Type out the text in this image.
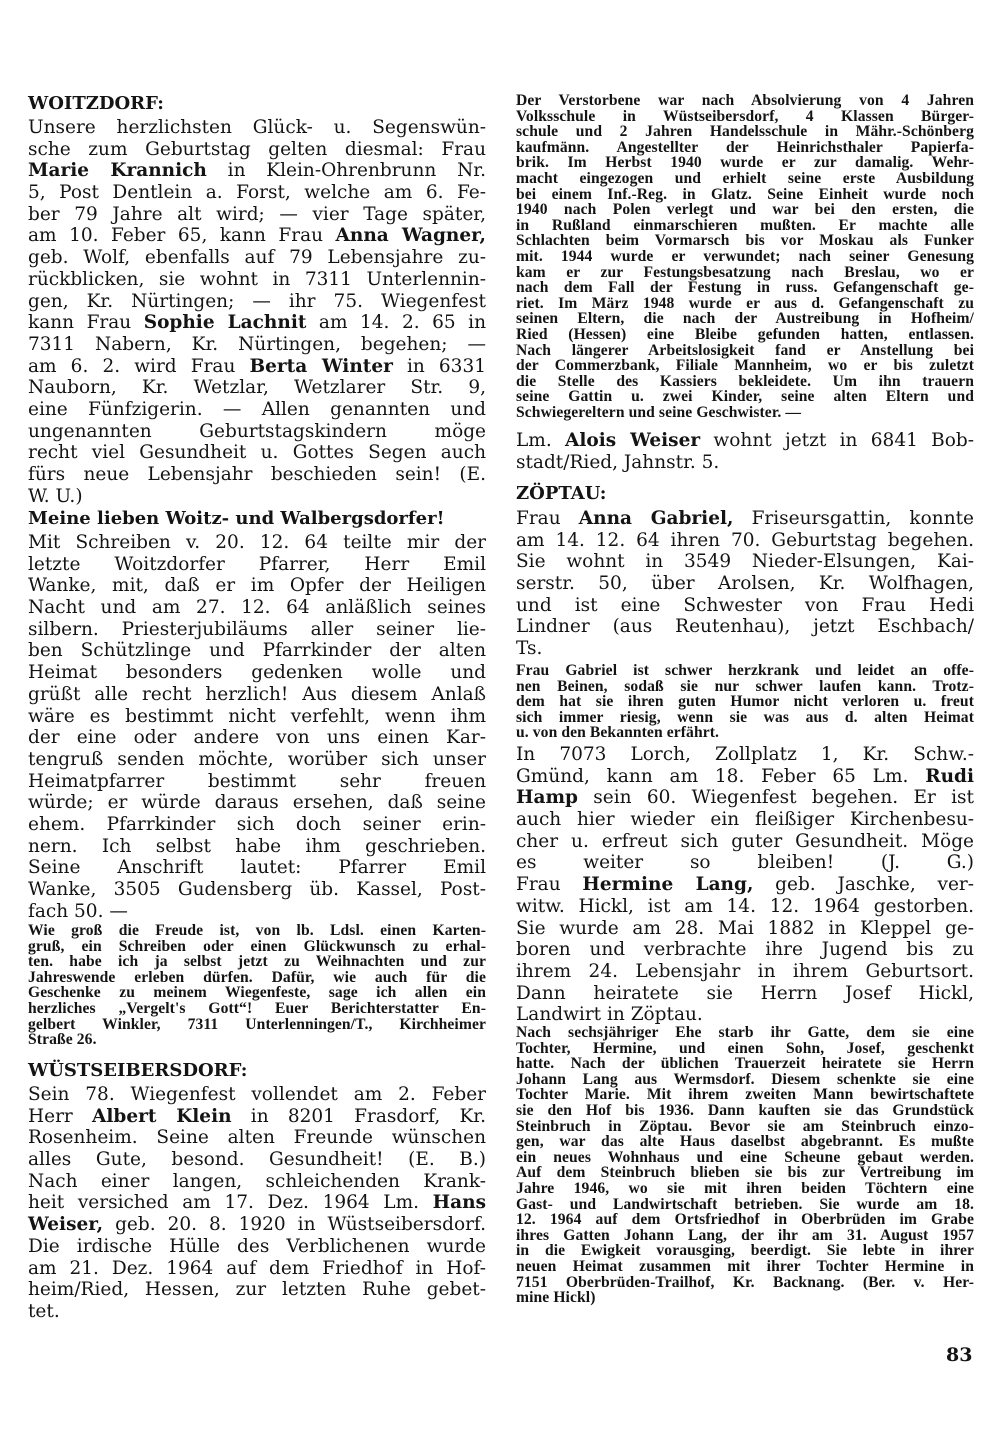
WOITZDORF:
Unsere herzlichsten Glück- u. Segenswün-
sche zum Geburtstag gelten diesmal: Frau
Marie Krannich in Klein-Ohrenbrunn Nr.
5, Post Dentlein a. Forst, welche am 6. Fe-
ber 79 Jahre alt wird; — vier Tage später,
am 10. Feber 65, kann Frau Anna Wagner,
geb. Wolf, ebenfalls auf 79 Lebensjahre zu-
rückblicken, sie wohnt in 7311 Unterlennin-
gen, Kr. Nürtingen; — ihr 75. Wiegenfest
kann Frau Sophie Lachnit am 14. 2. 65 in
7311 Nabern, Kr. Nürtingen, begehen; —
am 6. 2. wird Frau Berta Winter in 6331
Nauborn, Kr. Wetzlar, Wetzlarer Str. 9,
eine Fünfzigerin. — Allen genannten und
ungenannten Geburtstagskindern möge
recht viel Gesundheit u. Gottes Segen auch
fürs neue Lebensjahr beschieden sein! (E.
W. U.)
Meine lieben Woitz- und Walbergsdorfer!
Mit Schreiben v. 20. 12. 64 teilte mir der
letzte Woitzdorfer Pfarrer, Herr Emil
Wanke, mit, daß er im Opfer der Heiligen
Nacht und am 27. 12. 64 anläßlich seines
silbern. Priesterjubiläums aller seiner lie-
ben Schützlinge und Pfarrkinder der alten
Heimat besonders gedenken wolle und
grüßt alle recht herzlich! Aus diesem Anlaß
wäre es bestimmt nicht verfehlt, wenn ihm
der eine oder andere von uns einen Kar-
tengruß senden möchte, worüber sich unser
Heimatpfarrer bestimmt sehr freuen
würde; er würde daraus ersehen, daß seine
ehem. Pfarrkinder sich doch seiner erin-
nern. Ich selbst habe ihm geschrieben.
Seine Anschrift lautet: Pfarrer Emil
Wanke, 3505 Gudensberg üb. Kassel, Post-
fach 50. —
Wie groß die Freude ist, von lb. Ldsl. einen Karten-
gruß, ein Schreiben oder einen Glückwunsch zu erhal-
ten. habe ich ja selbst jetzt zu Weihnachten und zur
Jahreswende erleben dürfen. Dafür, wie auch für die
Geschenke zu meinem Wiegenfeste, sage ich allen ein
herzliches „Vergelt's Gott“! Euer Berichterstatter En-
gelbert Winkler, 7311 Unterlenningen/T., Kirchheimer
Straße 26.
WÜSTSEIBERSDORF:
Sein 78. Wiegenfest vollendet am 2. Feber
Herr Albert Klein in 8201 Frasdorf, Kr.
Rosenheim. Seine alten Freunde wünschen
alles Gute, besond. Gesundheit! (E. B.)
Nach einer langen, schleichenden Krank-
heit versiched am 17. Dez. 1964 Lm. Hans
Weiser, geb. 20. 8. 1920 in Wüstseibersdorf.
Die irdische Hülle des Verblichenen wurde
am 21. Dez. 1964 auf dem Friedhof in Hof-
heim/Ried, Hessen, zur letzten Ruhe gebet-
tet.
Der Verstorbene war nach Absolvierung von 4 Jahren
Volksschule in Wüstseibersdorf, 4 Klassen Bürger-
schule und 2 Jahren Handelsschule in Mähr.-Schönberg
kaufmänn. Angestellter der Heinrichsthaler Papierfa-
brik. Im Herbst 1940 wurde er zur damalig. Wehr-
macht eingezogen und erhielt seine erste Ausbildung
bei einem Inf.-Reg. in Glatz. Seine Einheit wurde noch
1940 nach Polen verlegt und war bei den ersten, die
in Rußland einmarschieren mußten. Er machte alle
Schlachten beim Vormarsch bis vor Moskau als Funker
mit. 1944 wurde er verwundet; nach seiner Genesung
kam er zur Festungsbesatzung nach Breslau, wo er
nach dem Fall der Festung in russ. Gefangenschaft ge-
riet. Im März 1948 wurde er aus d. Gefangenschaft zu
seinen Eltern, die nach der Austreibung in Hofheim/
Ried (Hessen) eine Bleibe gefunden hatten, entlassen.
Nach längerer Arbeitslosigkeit fand er Anstellung bei
der Commerzbank, Filiale Mannheim, wo er bis zuletzt
die Stelle des Kassiers bekleidete. Um ihn trauern
seine Gattin u. zwei Kinder, seine alten Eltern und
Schwiegereltern und seine Geschwister. —
Lm. Alois Weiser wohnt jetzt in 6841 Bob-
stadt/Ried, Jahnstr. 5.
ZÖPTAU:
Frau Anna Gabriel, Friseursgattin, konnte
am 14. 12. 64 ihren 70. Geburtstag begehen.
Sie wohnt in 3549 Nieder-Elsungen, Kai-
serstr. 50, über Arolsen, Kr. Wolfhagen,
und ist eine Schwester von Frau Hedi
Lindner (aus Reutenhau), jetzt Eschbach/
Ts.
Frau Gabriel ist schwer herzkrank und leidet an offe-
nen Beinen, sodaß sie nur schwer laufen kann. Trotz-
dem hat sie ihren guten Humor nicht verloren u. freut
sich immer riesig, wenn sie was aus d. alten Heimat
u. von den Bekannten erfährt.
In 7073 Lorch, Zollplatz 1, Kr. Schw.-
Gmünd, kann am 18. Feber 65 Lm. Rudi
Hamp sein 60. Wiegenfest begehen. Er ist
auch hier wieder ein fleißiger Kirchenbesu-
cher u. erfreut sich guter Gesundheit. Möge
es weiter so bleiben! (J. G.)
Frau Hermine Lang, geb. Jaschke, ver-
witw. Hickl, ist am 14. 12. 1964 gestorben.
Sie wurde am 28. Mai 1882 in Kleppel ge-
boren und verbrachte ihre Jugend bis zu
ihrem 24. Lebensjahr in ihrem Geburtsort.
Dann heiratete sie Herrn Josef Hickl,
Landwirt in Zöptau.
Nach sechsjähriger Ehe starb ihr Gatte, dem sie eine
Tochter, Hermine, und einen Sohn, Josef, geschenkt
hatte. Nach der üblichen Trauerzeit heiratete sie Herrn
Johann Lang aus Wermsdorf. Diesem schenkte sie eine
Tochter Marie. Mit ihrem zweiten Mann bewirtschaftete
sie den Hof bis 1936. Dann kauften sie das Grundstück
Steinbruch in Zöptau. Bevor sie am Steinbruch einzo-
gen, war das alte Haus daselbst abgebrannt. Es mußte
ein neues Wohnhaus und eine Scheune gebaut werden.
Auf dem Steinbruch blieben sie bis zur Vertreibung im
Jahre 1946, wo sie mit ihren beiden Töchtern eine
Gast- und Landwirtschaft betrieben. Sie wurde am 18.
12. 1964 auf dem Ortsfriedhof in Oberbrüden im Grabe
ihres Gatten Johann Lang, der ihr am 31. August 1957
in die Ewigkeit vorausging, beerdigt. Sie lebte in ihrer
neuen Heimat zusammen mit ihrer Tochter Hermine in
7151 Oberbrüden-Trailhof, Kr. Backnang. (Ber. v. Her-
mine Hickl)
83
